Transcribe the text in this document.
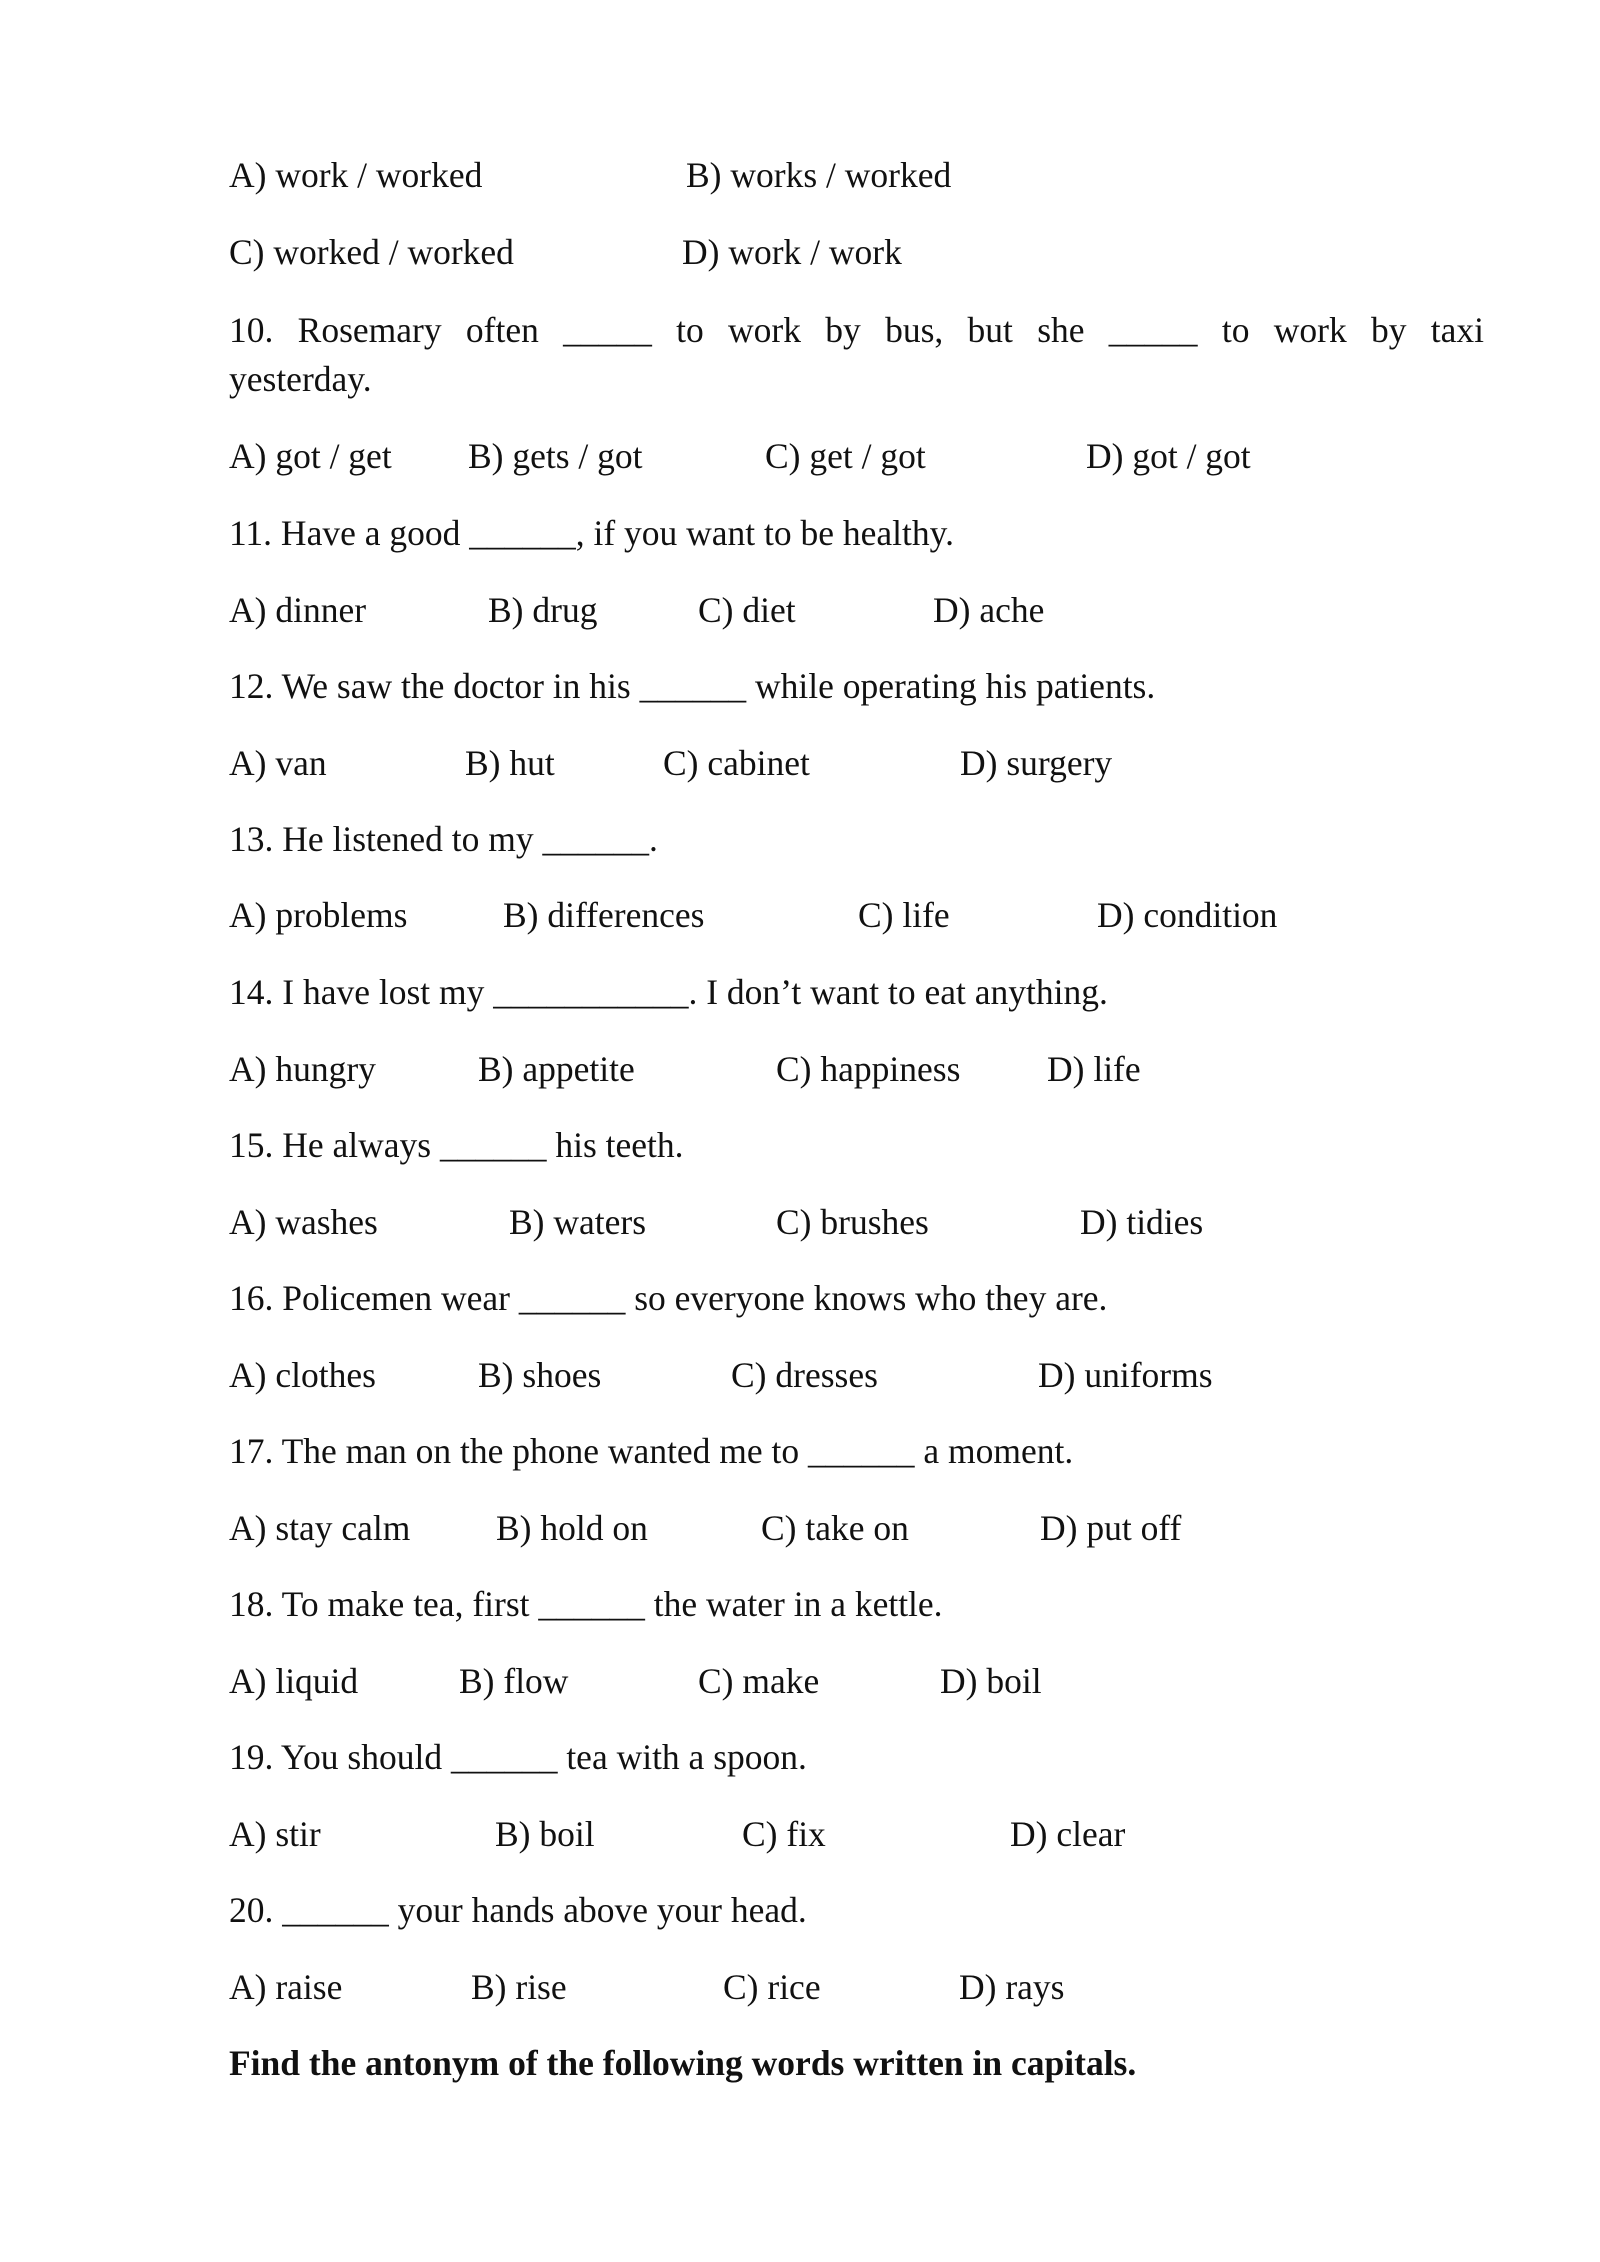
A) work / worked	B) works / worked
C) worked / worked	D) work / work
10. Rosemary often _____ to work by bus, but she _____ to work by taxi
yesterday.
A) got / get B) gets / got	C) get / got	D) got / got
11. Have a good ______, if you want to be healthy.
A) dinner	B) drug	C) diet	D) ache
12. We saw the doctor in his ______ while operating his patients.
A) van	B) hut	C) cabinet	D) surgery
13. He listened to my ______.
A) problems	B) differences	C) life	D) condition
14. I have lost my ___________. I don’t want to eat anything.
A) hungry	B) appetite	C) happiness D) life
15. He always ______ his teeth.
A) washes	B) waters	C) brushes	D) tidies
16. Policemen wear ______ so everyone knows who they are.
A) clothes	B) shoes	C) dresses	D) uniforms
17. The man on the phone wanted me to ______ a moment.
A) stay calm B) hold on	C) take on	D) put off
18. To make tea, first ______ the water in a kettle.
A) liquid	B) flow	C) make	D) boil
19. You should ______ tea with a spoon.
A) stir	B) boil	C) fix	D) clear
20. ______ your hands above your head.
A) raise	B) rise	C) rice	D) rays
Find the antonym of the following words written in capitals.
